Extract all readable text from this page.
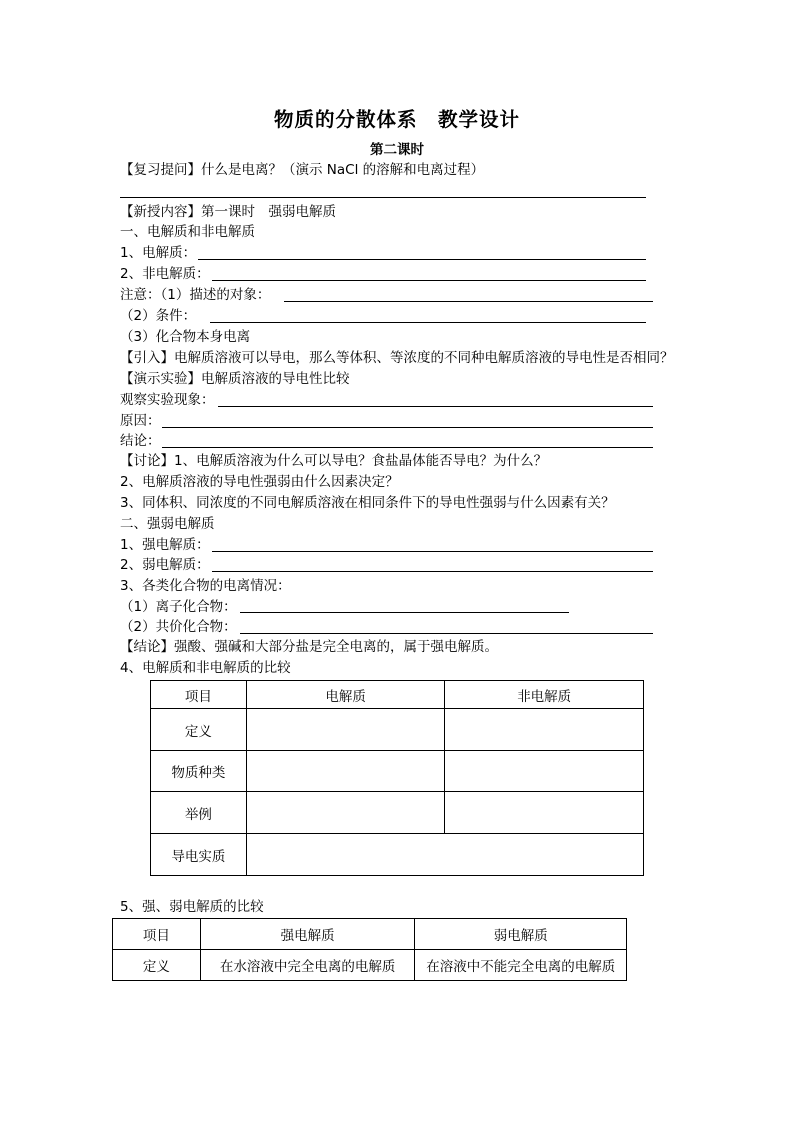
物质的分散体系　教学设计
第二课时
【复习提问】什么是电离？（演示 NaCl 的溶解和电离过程）
【新授内容】第一课时　强弱电解质
一、电解质和非电解质
1、电解质：
2、非电解质：
注意：（1）描述的对象：
（2）条件：
（3）化合物本身电离
【引入】电解质溶液可以导电，那么等体积、等浓度的不同种电解质溶液的导电性是否相同？
【演示实验】电解质溶液的导电性比较
观察实验现象：
原因：
结论：
【讨论】1、电解质溶液为什么可以导电？食盐晶体能否导电？为什么？
2、电解质溶液的导电性强弱由什么因素决定？
3、同体积、同浓度的不同电解质溶液在相同条件下的导电性强弱与什么因素有关？
二、强弱电解质
1、强电解质：
2、弱电解质：
3、各类化合物的电离情况：
（1）离子化合物：
（2）共价化合物：
【结论】强酸、强碱和大部分盐是完全电离的，属于强电解质。
4、电解质和非电解质的比较
项目	电解质	非电解质
定义		
物质种类		
举例		
导电实质		
5、强、弱电解质的比较
项目	强电解质	弱电解质
定义	在水溶液中完全电离的电解质	在溶液中不能完全电离的电解质
